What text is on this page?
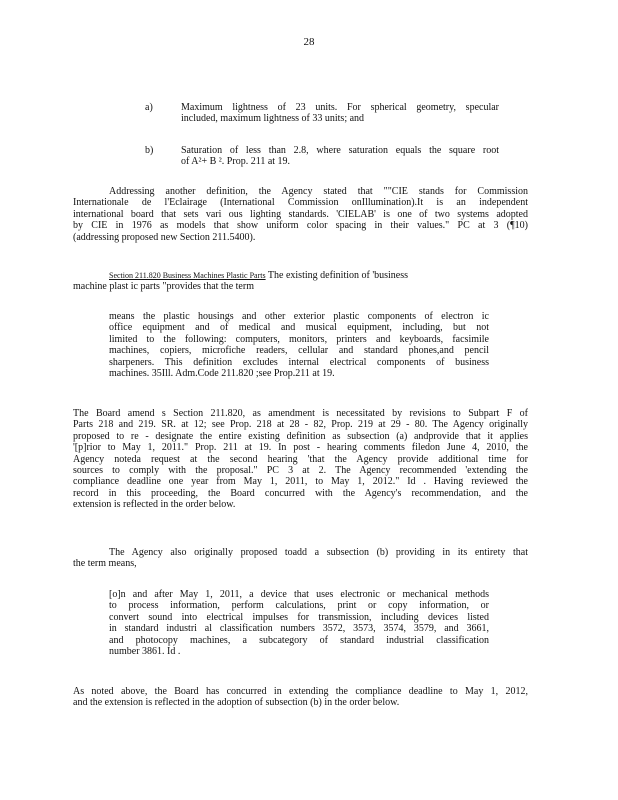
28
a)	Maximum lightness of 23 units. For spherical geometry, specular
included, maximum lightness of 33 units; and
b)	Saturation of less than 2.8, where saturation equals the square root
of A²+ B ². Prop. 211 at 19.
Addressing another definition, the Agency stated that ""CIE stands for Commission
Internationale de l'Eclairage (International Commission onIllumination).It is an independent
international board that sets vari ous lighting standards. 'CIELAB' is one of two systems adopted
by CIE in 1976 as models that show uniform color spacing in their values." PC at 3 (¶10)
(addressing proposed new Section 211.5400).
Section 211.820 Business Machines Plastic Parts The existing definition of 'business
machine plast ic parts "provides that the term
means the plastic housings and other exterior plastic components of electron ic
office equipment and of medical and musical equipment, including, but not
limited to the following: computers, monitors, printers and keyboards, facsimile
machines, copiers, microfiche readers, cellular and standard phones,and pencil
sharpeners. This definition excludes internal electrical components of business
machines. 35Ill. Adm.Code 211.820 ;see Prop.211 at 19.
The Board amend s Section 211.820, as amendment is necessitated by revisions to Subpart F of
Parts 218 and 219. SR. at 12; see Prop. 218 at 28 - 82, Prop. 219 at 29 - 80. The Agency originally
proposed to re - designate the entire existing definition as subsection (a) andprovide that it applies
'[p]rior to May 1, 2011." Prop. 211 at 19. In post - hearing comments filedon June 4, 2010, the
Agency noteda request at the second hearing 'that the Agency provide additional time for
sources to comply with the proposal." PC 3 at 2. The Agency recommended 'extending the
compliance deadline one year from May 1, 2011, to May 1, 2012." Id . Having reviewed the
record in this proceeding, the Board concurred with the Agency's recommendation, and the
extension is reflected in the order below.
The Agency also originally proposed toadd a subsection (b) providing in its entirety that
the term means,
[o]n and after May 1, 2011, a device that uses electronic or mechanical methods
to process information, perform calculations, print or copy information, or
convert sound into electrical impulses for transmission, including devices listed
in standard industri al classification numbers 3572, 3573, 3574, 3579, and 3661,
and photocopy machines, a subcategory of standard industrial classification
number 3861. Id .
As noted above, the Board has concurred in extending the compliance deadline to May 1, 2012,
and the extension is reflected in the adoption of subsection (b) in the order below.
